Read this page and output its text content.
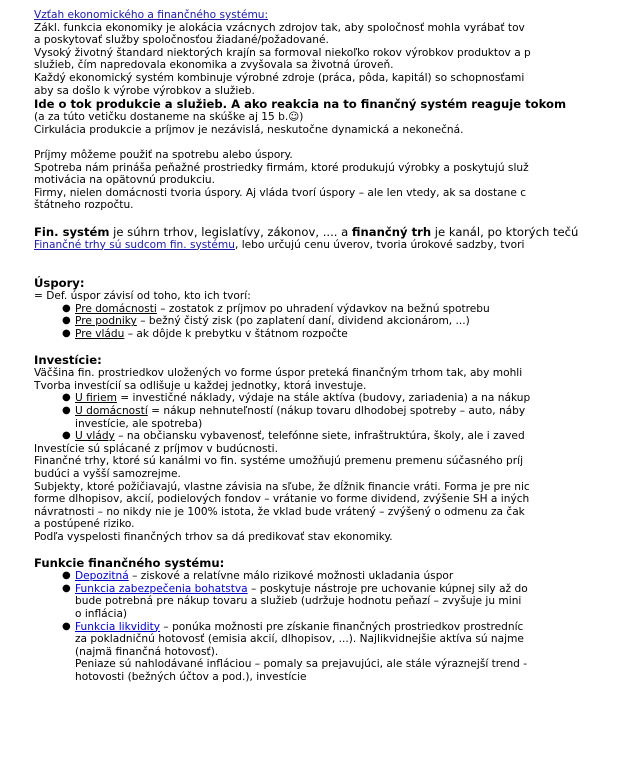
Vzťah ekonomického a finančného systému:
Zákl. funkcia ekonomiky je alokácia vzácnych zdrojov tak, aby spoločnosť mohla vyrábať tov
a poskytovať služby spoločnosťou žiadané/požadované.
Vysoký životný štandard niektorých krajín sa formoval niekoľko rokov výrobkov produktov a p
služieb, čím napredovala ekonomika a zvyšovala sa životná úroveň.
Každý ekonomický systém kombinuje výrobné zdroje (práca, pôda, kapitál) so schopnosťami
aby sa došlo k výrobe výrobkov a služieb.
Ide o tok produkcie a služieb. A ako reakcia na to finančný systém reaguje tokom
(a za túto vetičku dostaneme na skúške aj 15 b.☺)
Cirkulácia produkcie a príjmov je nezávislá, neskutočne dynamická a nekonečná.
Príjmy môžeme použiť na spotrebu alebo úspory.
Spotreba nám prináša peňažné prostriedky firmám, ktoré produkujú výrobky a poskytujú služ
motivácia na opätovnú produkciu.
Firmy, nielen domácnosti tvoria úspory. Aj vláda tvorí úspory – ale len vtedy, ak sa dostane c
štátneho rozpočtu.
Fin. systém je súhrn trhov, legislatívy, zákonov, .... a finančný trh je kanál, po ktorých tečú
Finančné trhy sú sudcom fin. systému, lebo určujú cenu úverov, tvoria úrokové sadzby, tvori
Úspory:
= Def. úspor závisí od toho, kto ich tvorí:
● Pre domácnosti – zostatok z príjmov po uhradení výdavkov na bežnú spotrebu
● Pre podniky – bežný čistý zisk (po zaplatení daní, dividend akcionárom, ...)
● Pre vládu – ak dôjde k prebytku v štátnom rozpočte
Investície:
Väčšina fin. prostriedkov uložených vo forme úspor preteká finančným trhom tak, aby mohli
Tvorba investícií sa odlišuje u každej jednotky, ktorá investuje.
● U firiem = investičné náklady, výdaje na stále aktíva (budovy, zariadenia) a na nákup
● U domácností = nákup nehnuteľností (nákup tovaru dlhodobej spotreby – auto, náby
investície, ale spotreba)
● U vlády – na občiansku vybavenosť, telefónne siete, infraštruktúra, školy, ale i zaved
Investície sú splácané z príjmov v budúcnosti.
Finančné trhy, ktoré sú kanálmi vo fin. systéme umožňujú premenu premenu súčasného príj
budúci a vyšší samozrejme.
Subjekty, ktoré požičiavajú, vlastne závisia na sľube, že dĺžnik financie vráti. Forma je pre nic
forme dlhopisov, akcií, podielových fondov – vrátanie vo forme dividend, zvýšenie SH a iných
návratnosti – no nikdy nie je 100% istota, že vklad bude vrátený – zvýšený o odmenu za čak
a postúpené riziko.
Podľa vyspelosti finančných trhov sa dá predikovať stav ekonomiky.
Funkcie finančného systému:
● Depozitná – ziskové a relatívne málo rizikové možnosti ukladania úspor
● Funkcia zabezpečenia bohatstva – poskytuje nástroje pre uchovanie kúpnej sily až do
bude potrebná pre nákup tovaru a služieb (udržuje hodnotu peňazí – zvyšuje ju mini
o inflácia)
● Funkcia likvidity – ponúka možnosti pre získanie finančných prostriedkov prostredníc
za pokladničnú hotovosť (emisia akcií, dlhopisov, ...). Najlikvidnejšie aktíva sú najme
(najmä finančná hotovosť).
Peniaze sú nahlodávané infláciou – pomaly sa prejavujúci, ale stále výraznejší trend -
hotovosti (bežných účtov a pod.), investície
